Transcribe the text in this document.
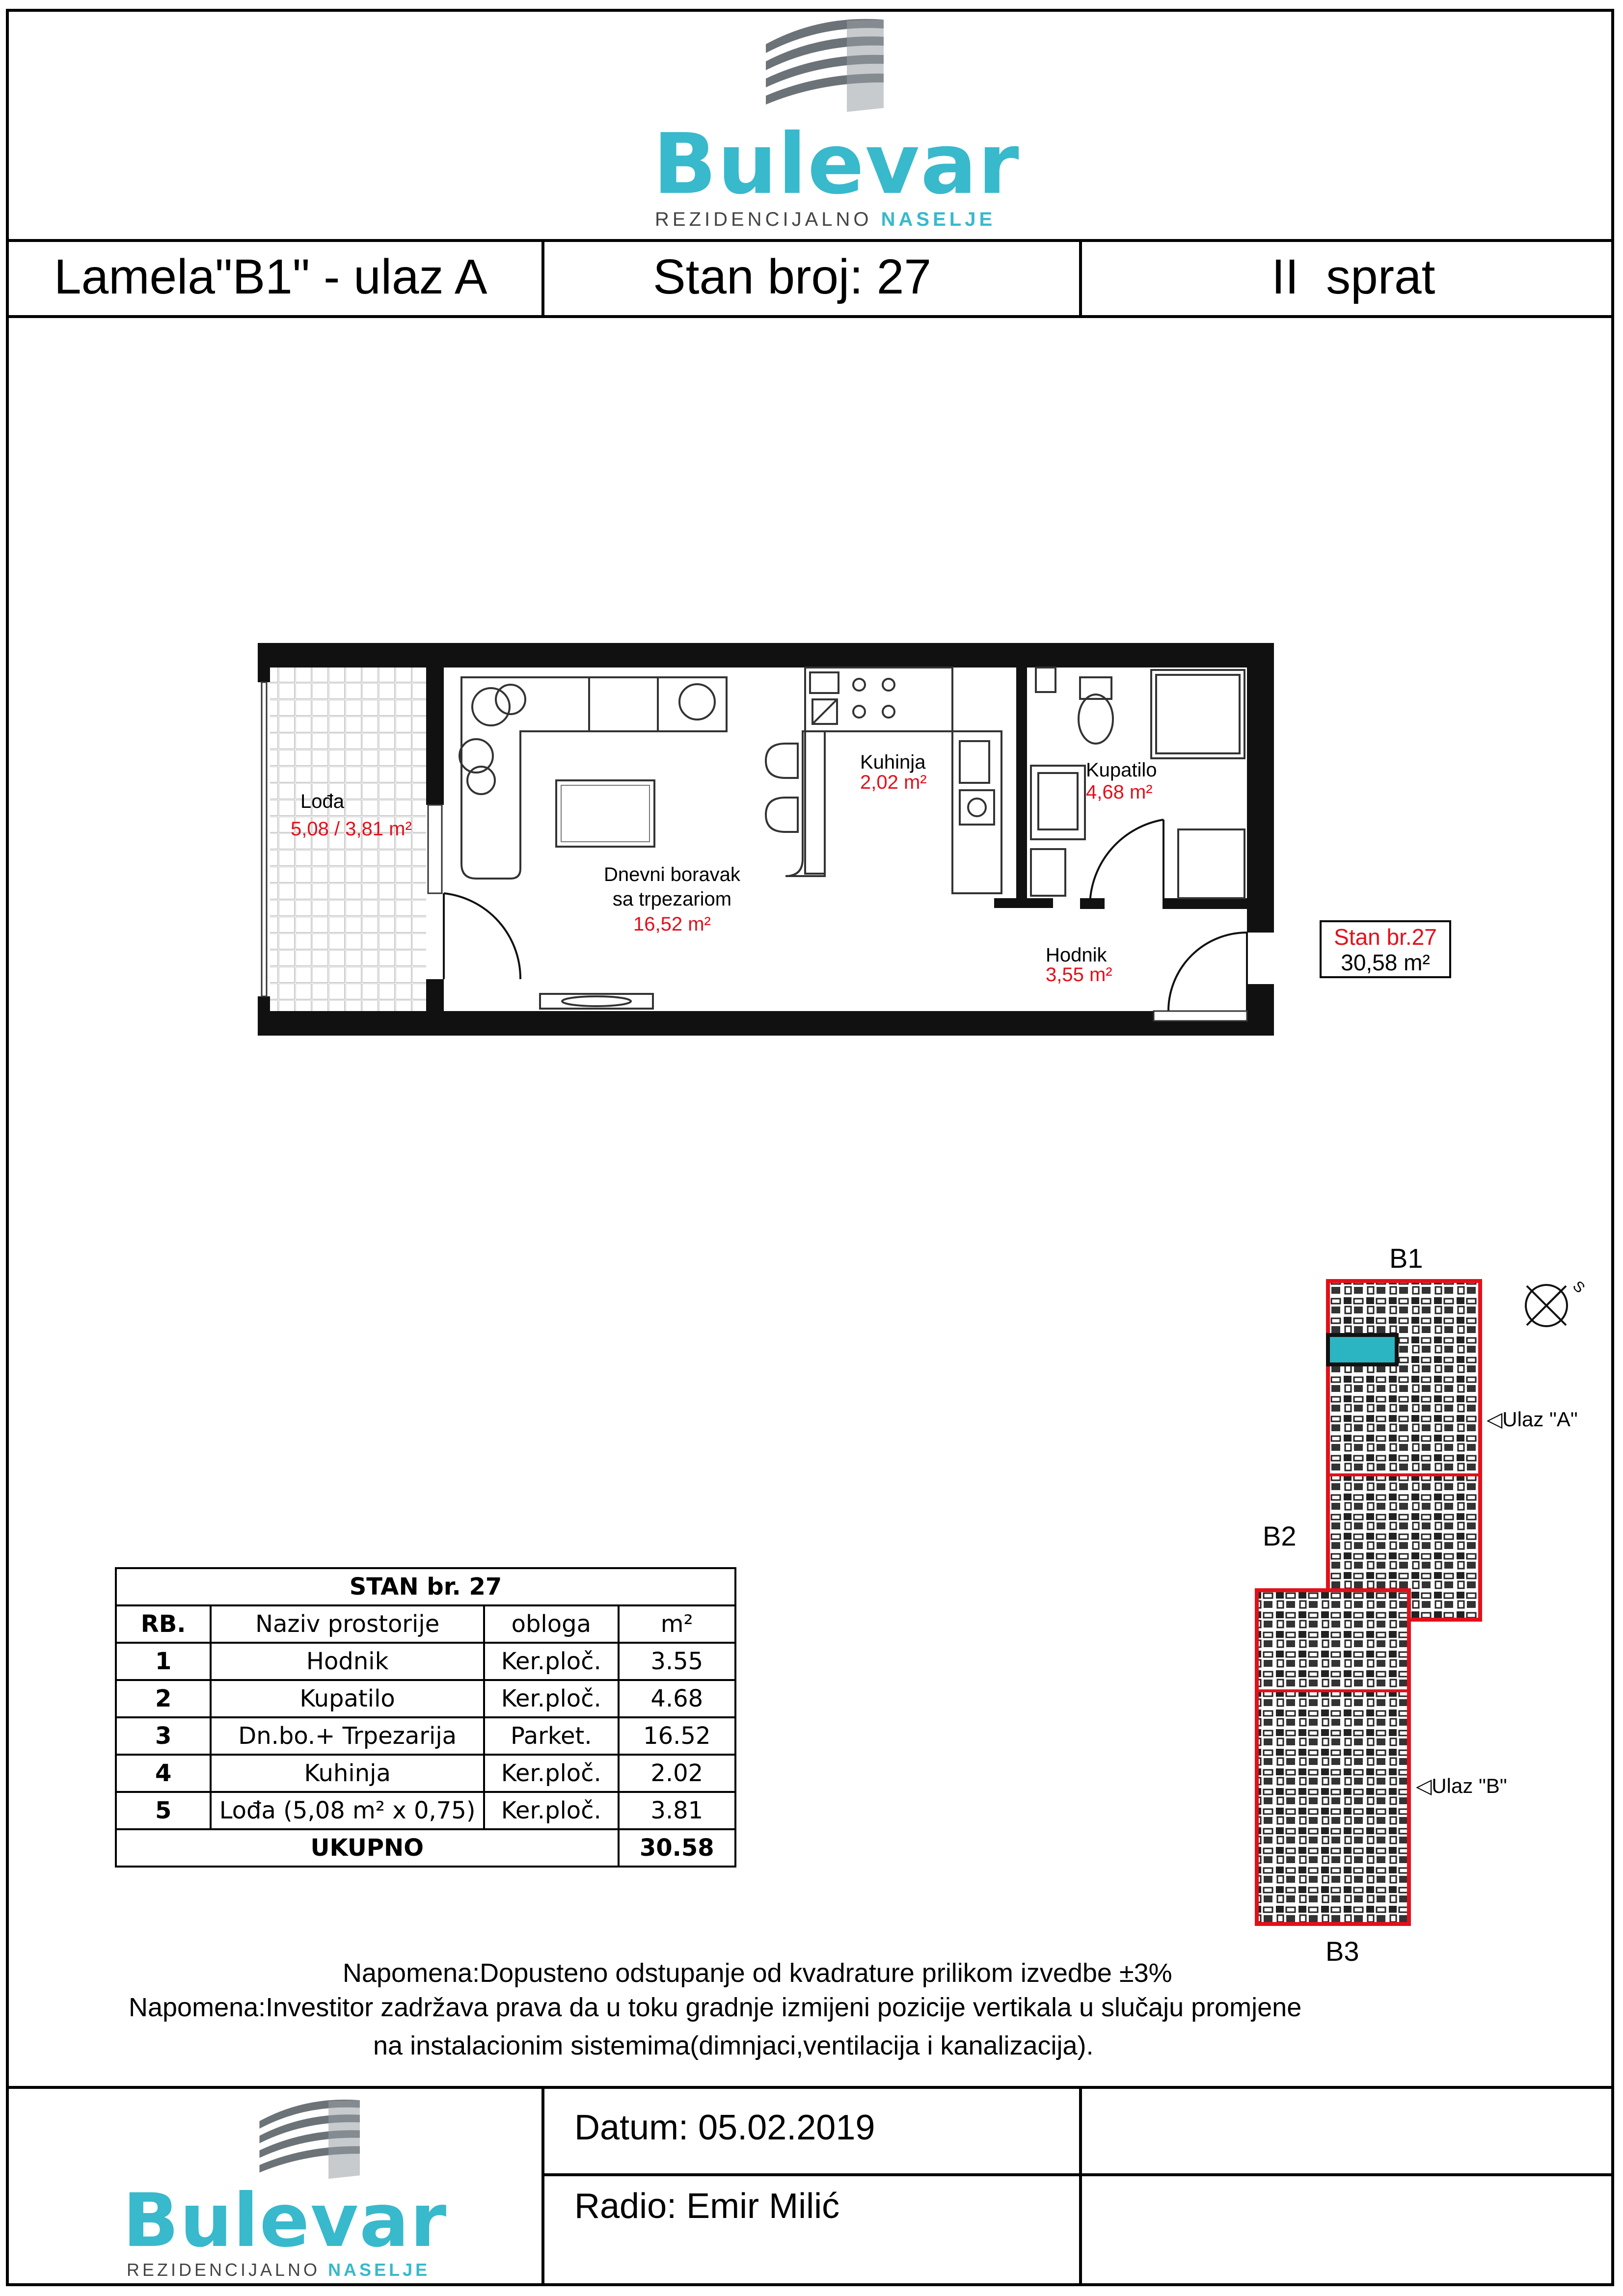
Bulevar
REZIDENCIJALNO NASELJE
Lamela"B1" - ulaz A	Stan broj: 27	II  sprat
Lođa
5,08 / 3,81 m²
Dnevni boravak
sa trpezariom
16,52 m²
Kuhinja
2,02 m²
Kupatilo
4,68 m²
Hodnik
3,55 m²
Stan br.27
30,58 m²
STAN br. 27			
RB.	Naziv prostorije	obloga	m²
1	Hodnik	Ker.ploč.	3.55
2	Kupatilo	Ker.ploč.	4.68
3	Dn.bo.+ Trpezarija	Parket.	16.52
4	Kuhinja	Ker.ploč.	2.02
5	Lođa (5,08 m² x 0,75)	Ker.ploč.	3.81
UKUPNO			30.58
B1
B2
B3
◁Ulaz "A"
◁Ulaz "B"
S
Napomena:Dopusteno odstupanje od kvadrature prilikom izvedbe ±3%
Napomena:Investitor zadržava prava da u toku gradnje izmijeni pozicije vertikala u slučaju promjene
na instalacionim sistemima(dimnjaci,ventilacija i kanalizacija).
Bulevar
REZIDENCIJALNO NASELJE
Datum: 05.02.2019
Radio: Emir Milić
